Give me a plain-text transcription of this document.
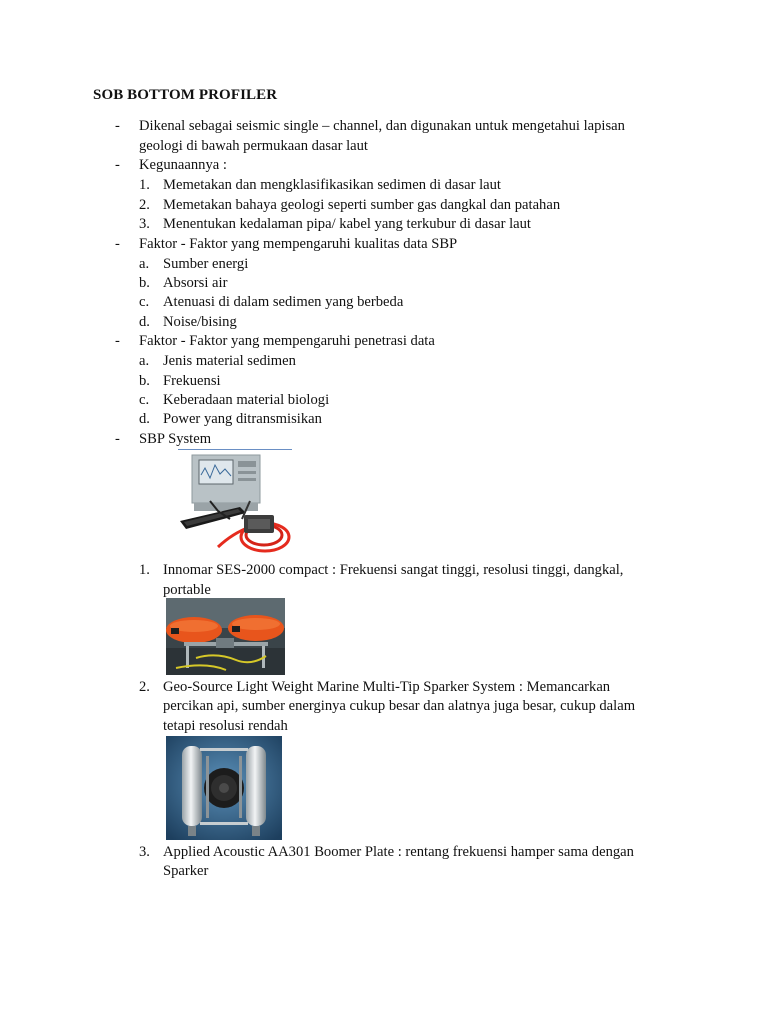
SOB BOTTOM PROFILER
- Dikenal sebagai seismic single – channel, dan digunakan untuk mengetahui lapisan
geologi di bawah permukaan dasar laut
- Kegunaannya :
1. Memetakan dan mengklasifikasikan sedimen di dasar laut
2. Memetakan bahaya geologi seperti sumber gas dangkal dan patahan
3. Menentukan kedalaman pipa/ kabel yang terkubur di dasar laut
- Faktor - Faktor yang mempengaruhi kualitas data SBP
a. Sumber energi
b. Absorsi air
c. Atenuasi di dalam sedimen yang berbeda
d. Noise/bising
- Faktor - Faktor yang mempengaruhi penetrasi data
a. Jenis material sedimen
b. Frekuensi
c. Keberadaan material biologi
d. Power yang ditransmisikan
- SBP System
1. Innomar SES-2000 compact : Frekuensi sangat tinggi, resolusi tinggi, dangkal,
portable
2. Geo-Source Light Weight Marine Multi-Tip Sparker System : Memancarkan
percikan api, sumber energinya cukup besar dan alatnya juga besar, cukup dalam
tetapi resolusi rendah
3. Applied Acoustic AA301 Boomer Plate : rentang frekuensi hamper sama dengan
Sparker
